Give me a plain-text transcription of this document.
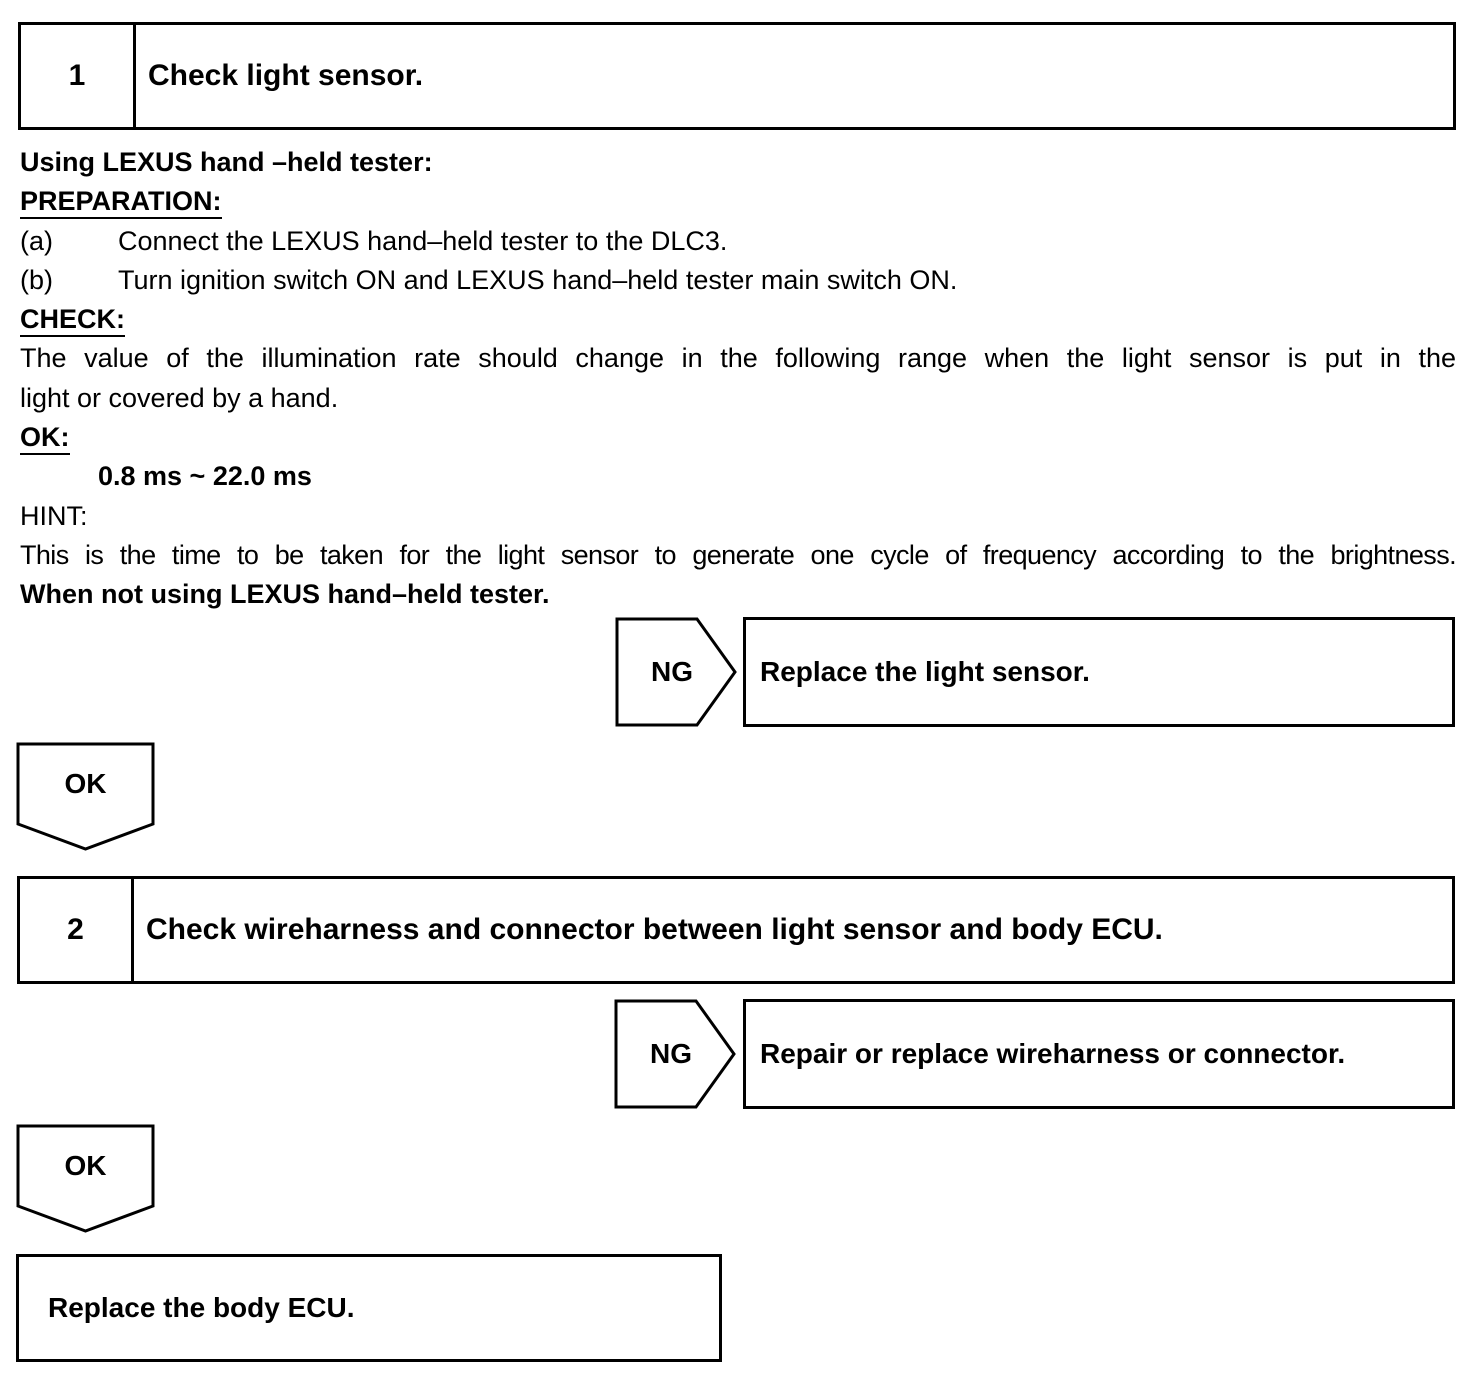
1	Check light sensor.
Using LEXUS hand –held tester:
PREPARATION:
(a) Connect the LEXUS hand–held tester to the DLC3.
(b) Turn ignition switch ON and LEXUS hand–held tester main switch ON.
CHECK:
The value of the illumination rate should change in the following range when the light sensor is put in the
light or covered by a hand.
OK:
0.8 ms ~ 22.0 ms
HINT:
This is the time to be taken for the light sensor to generate one cycle of frequency according to the brightness.
When not using LEXUS hand–held tester.
NG	Replace the light sensor.
OK
2	Check wireharness and connector between light sensor and body ECU.
NG	Repair or replace wireharness or connector.
OK
Replace the body ECU.
